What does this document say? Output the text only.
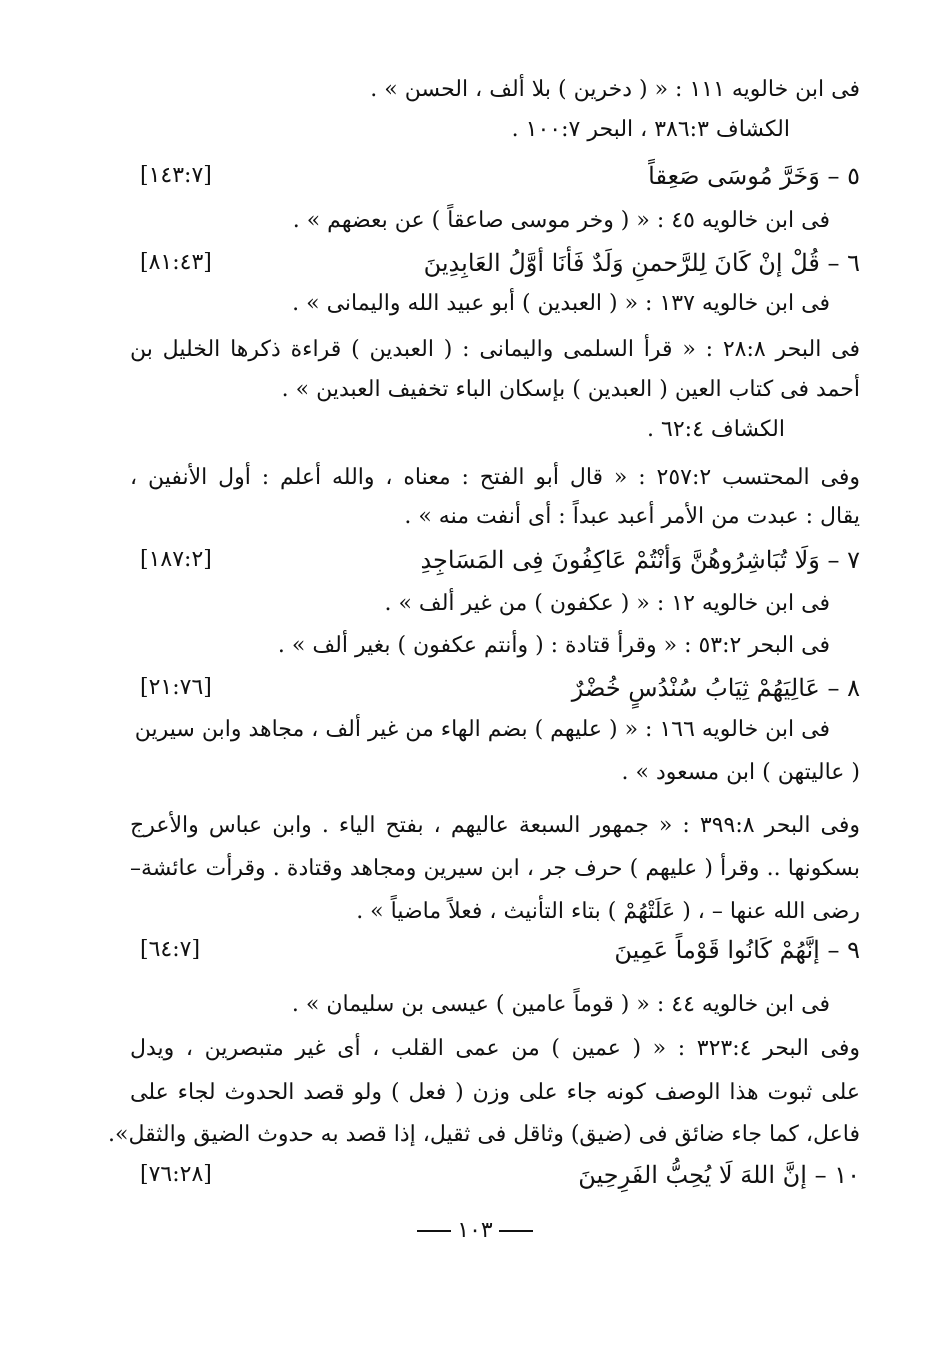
فى ابن خالويه ١١١ : « ( دخرين ) بلا ألف ، الحسن » .
الكشاف ٣٨٦:٣ ، البحر ١٠٠:٧ .
٥ – وَخَرَّ مُوسَى صَعِقاً
[١٤٣:٧]
فى ابن خالويه ٤٥ : « ( وخر موسى صاعقاً ) عن بعضهم » .
٦ – قُلْ إنْ كَانَ لِلرَّحمنِ وَلَدٌ فَأنَا أوَّلُ العَابِدِينَ
[٨١:٤٣]
فى ابن خالويه ١٣٧ : « ( العبدين ) أبو عبيد الله واليمانى » .
فى البحر ٢٨:٨ : « قرأ السلمى واليمانى : ( العبدين ) قراءة ذكرها الخليل بن
أحمد فى كتاب العين ( العبدين ) بإسكان الباء تخفيف العبدين » .
الكشاف ٦٢:٤ .
وفى المحتسب ٢٥٧:٢ : « قال أبو الفتح : معناه ، والله أعلم : أول الأنفين ،
يقال : عبدت من الأمر أعبد عبداً : أى أنفت منه » .
٧ – وَلَا تُبَاشِرُوهُنَّ وَأنْتُمْ عَاكِفُونَ فِى المَسَاجِدِ
[١٨٧:٢]
فى ابن خالويه ١٢ : « ( عكفون ) من غير ألف » .
فى البحر ٥٣:٢ : « وقرأ قتادة : ( وأنتم عكفون ) بغير ألف » .
٨ – عَالِيَهُمْ ثِيَابُ سُنْدُسٍ خُضْرٌ
[٢١:٧٦]
فى ابن خالويه ١٦٦ : « ( عليهم ) بضم الهاء من غير ألف ، مجاهد وابن سيرين
( عاليتهن ) ابن مسعود » .
وفى البحر ٣٩٩:٨ : « جمهور السبعة عاليهم ، بفتح الياء . وابن عباس والأعرج
بسكونها .. وقرأ ( عليهم ) حرف جر ، ابن سيرين ومجاهد وقتادة . وقرأت عائشة–
رضى الله عنها – ، ( عَلَتْهُمْ ) بتاء التأنيث ، فعلاً ماضياً » .
٩ – إنَّهُمْ كَانُوا قَوْماً عَمِينَ
[٦٤:٧]
فى ابن خالويه ٤٤ : « ( قوماً عامين ) عيسى بن سليمان » .
وفى البحر ٣٢٣:٤ : « ( عمين ) من عمى القلب ، أى غير متبصرين ، ويدل
على ثبوت هذا الوصف كونه جاء على وزن ( فعل ) ولو قصد الحدوث لجاء على
فاعل، كما جاء ضائق فى (ضيق) وثاقل فى ثقيل، إذا قصد به حدوث الضيق والثقل».
١٠ – إنَّ اللهَ لَا يُحِبُّ الفَرِحِينَ
[٧٦:٢٨]
١٠٣
